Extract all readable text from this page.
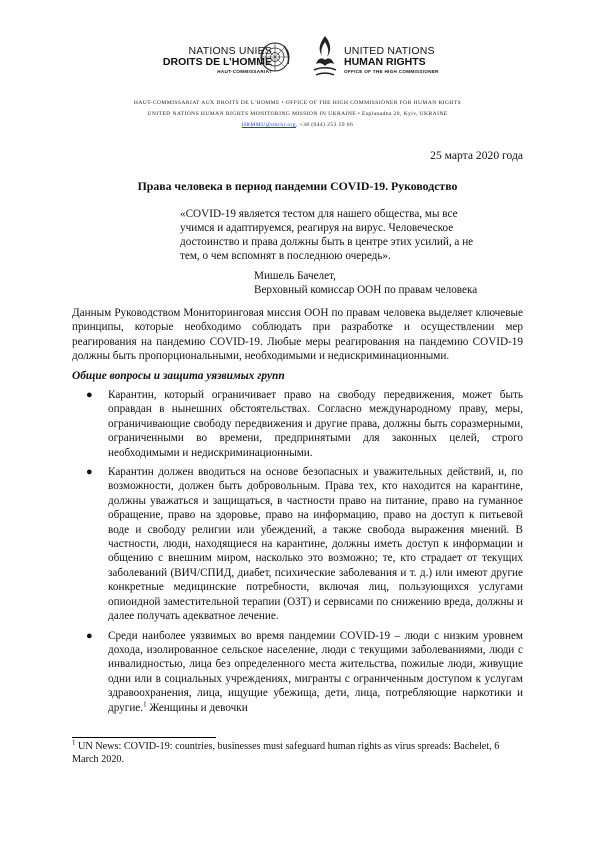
NATIONS UNIES
DROITS DE L’HOMME
HAUT-COMMISSARIAT
UNITED NATIONS
HUMAN RIGHTS
OFFICE OF THE HIGH COMMISSIONER
HAUT-COMMISSARIAT AUX DROITS DE L’HOMME • OFFICE OF THE HIGH COMMISSIONER FOR HUMAN RIGHTS
UNITED NATIONS HUMAN RIGHTS MONITORING MISSION IN UKRAINE • Esplanadna 20, Kyiv, UKRAINE
HRMMU@ohchr.org, +38 (044) 253 59 66
25 марта 2020 года
Права человека в период пандемии COVID-19. Руководство
«COVID-19 является тестом для нашего общества, мы все учимся и адаптируемся, реагируя на вирус. Человеческое достоинство и права должны быть в центре этих усилий, а не тем, о чем вспомнят в последнюю очередь».
Мишель Бачелет,
Верховный комиссар ООН по правам человека
Данным Руководством Мониторинговая миссия ООН по правам человека выделяет ключевые принципы, которые необходимо соблюдать при разработке и осуществлении мер реагирования на пандемию COVID-19. Любые меры реагирования на пандемию COVID-19 должны быть пропорциональными, необходимыми и недискриминационными.
Общие вопросы и защита уязвимых групп
● Карантин, который ограничивает право на свободу передвижения, может быть оправдан в нынешних обстоятельствах. Согласно международному праву, меры, ограничивающие свободу передвижения и другие права, должны быть соразмерными, ограниченными во времени, предпринятыми для законных целей, строго необходимыми и недискриминационными.
● Карантин должен вводиться на основе безопасных и уважительных действий, и, по возможности, должен быть добровольным. Права тех, кто находится на карантине, должны уважаться и защищаться, в частности право на питание, право на гуманное обращение, право на здоровье, право на информацию, право на доступ к питьевой воде и свободу религии или убеждений, а также свобода выражения мнений. В частности, люди, находящиеся на карантине, должны иметь доступ к информации и общению с внешним миром, насколько это возможно; те, кто страдает от текущих заболеваний (ВИЧ/СПИД, диабет, психические заболевания и т. д.) или имеют другие конкретные медицинские потребности, включая лиц, пользующихся услугами опиоидной заместительной терапии (ОЗТ) и сервисами по снижению вреда, должны и далее получать адекватное лечение.
● Среди наиболее уязвимых во время пандемии COVID-19 – люди с низким уровнем дохода, изолированное сельское население, люди с текущими заболеваниями, люди с инвалидностью, лица без определенного места жительства, пожилые люди, живущие одни или в социальных учреждениях, мигранты с ограниченным доступом к услугам здравоохранения, лица, ищущие убежища, дети, лица, потребляющие наркотики и другие.$^1$ Женщины и девочки
$^1$ UN News: COVID-19: countries, businesses must safeguard human rights as virus spreads: Bachelet, 6 March 2020.
